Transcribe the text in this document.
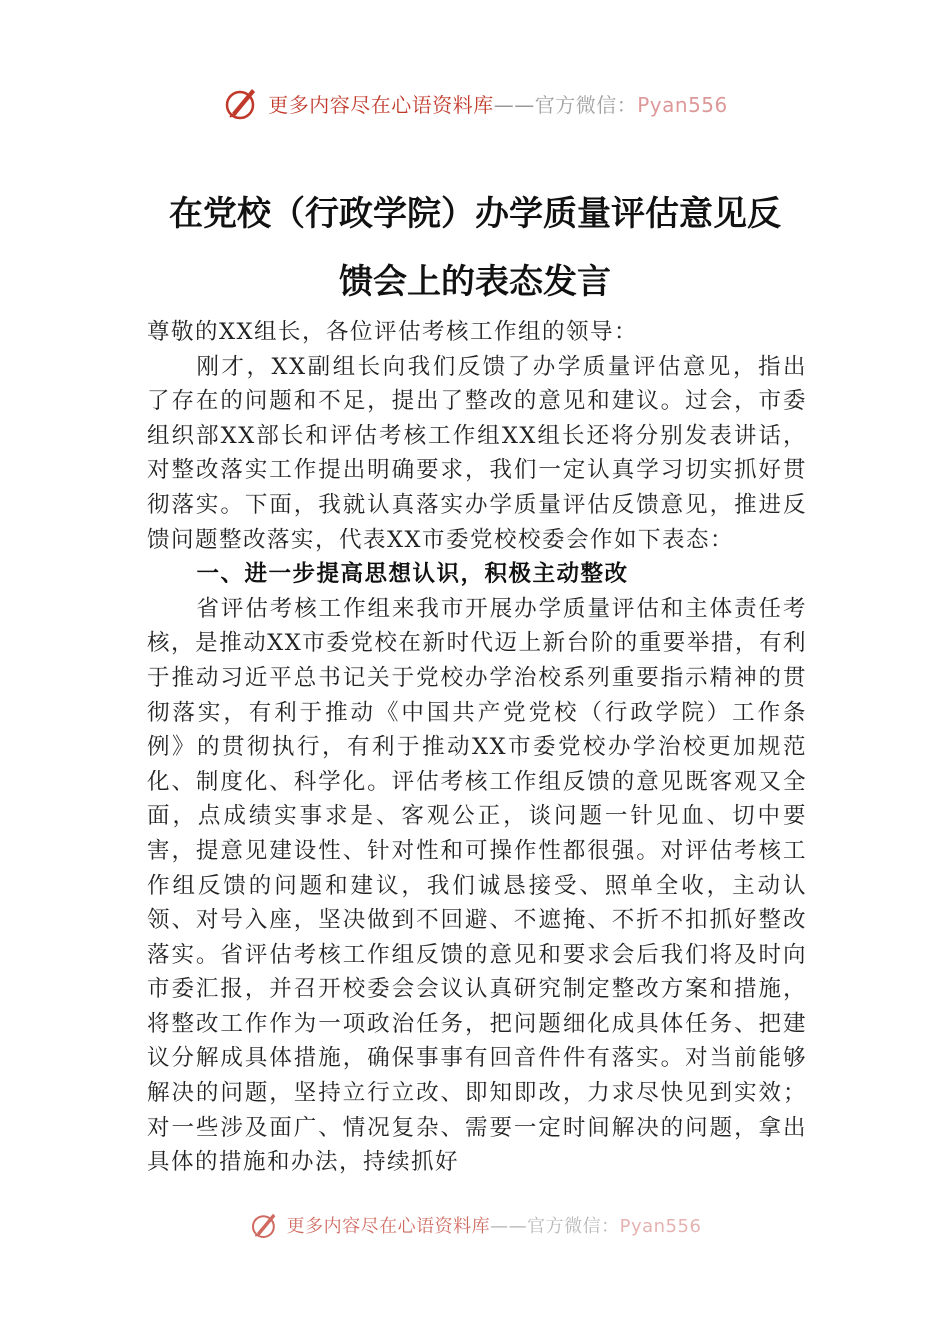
更多内容尽在心语资料库——官方微信：Pyan556
在党校（行政学院）办学质量评估意见反
馈会上的表态发言

尊敬的XX组长，各位评估考核工作组的领导：

刚才，XX副组长向我们反馈了办学质量评估意见，指出了存在的问题和不足，提出了整改的意见和建议。过会，市委组织部XX部长和评估考核工作组XX组长还将分别发表讲话，对整改落实工作提出明确要求，我们一定认真学习切实抓好贯彻落实。下面，我就认真落实办学质量评估反馈意见，推进反馈问题整改落实，代表XX市委党校校委会作如下表态：

一、进一步提高思想认识，积极主动整改

省评估考核工作组来我市开展办学质量评估和主体责任考核，是推动XX市委党校在新时代迈上新台阶的重要举措，有利于推动习近平总书记关于党校办学治校系列重要指示精神的贯彻落实，有利于推动《中国共产党党校（行政学院）工作条例》的贯彻执行，有利于推动XX市委党校办学治校更加规范化、制度化、科学化。评估考核工作组反馈的意见既客观又全面，点成绩实事求是、客观公正，谈问题一针见血、切中要害，提意见建设性、针对性和可操作性都很强。对评估考核工作组反馈的问题和建议，我们诚恳接受、照单全收，主动认领、对号入座，坚决做到不回避、不遮掩、不折不扣抓好整改落实。省评估考核工作组反馈的意见和要求会后我们将及时向市委汇报，并召开校委会会议认真研究制定整改方案和措施，将整改工作作为一项政治任务，把问题细化成具体任务、把建议分解成具体措施，确保事事有回音件件有落实。对当前能够解决的问题，坚持立行立改、即知即改，力求尽快见到实效；对一些涉及面广、情况复杂、需要一定时间解决的问题，拿出具体的措施和办法，持续抓好

更多内容尽在心语资料库——官方微信：Pyan556
